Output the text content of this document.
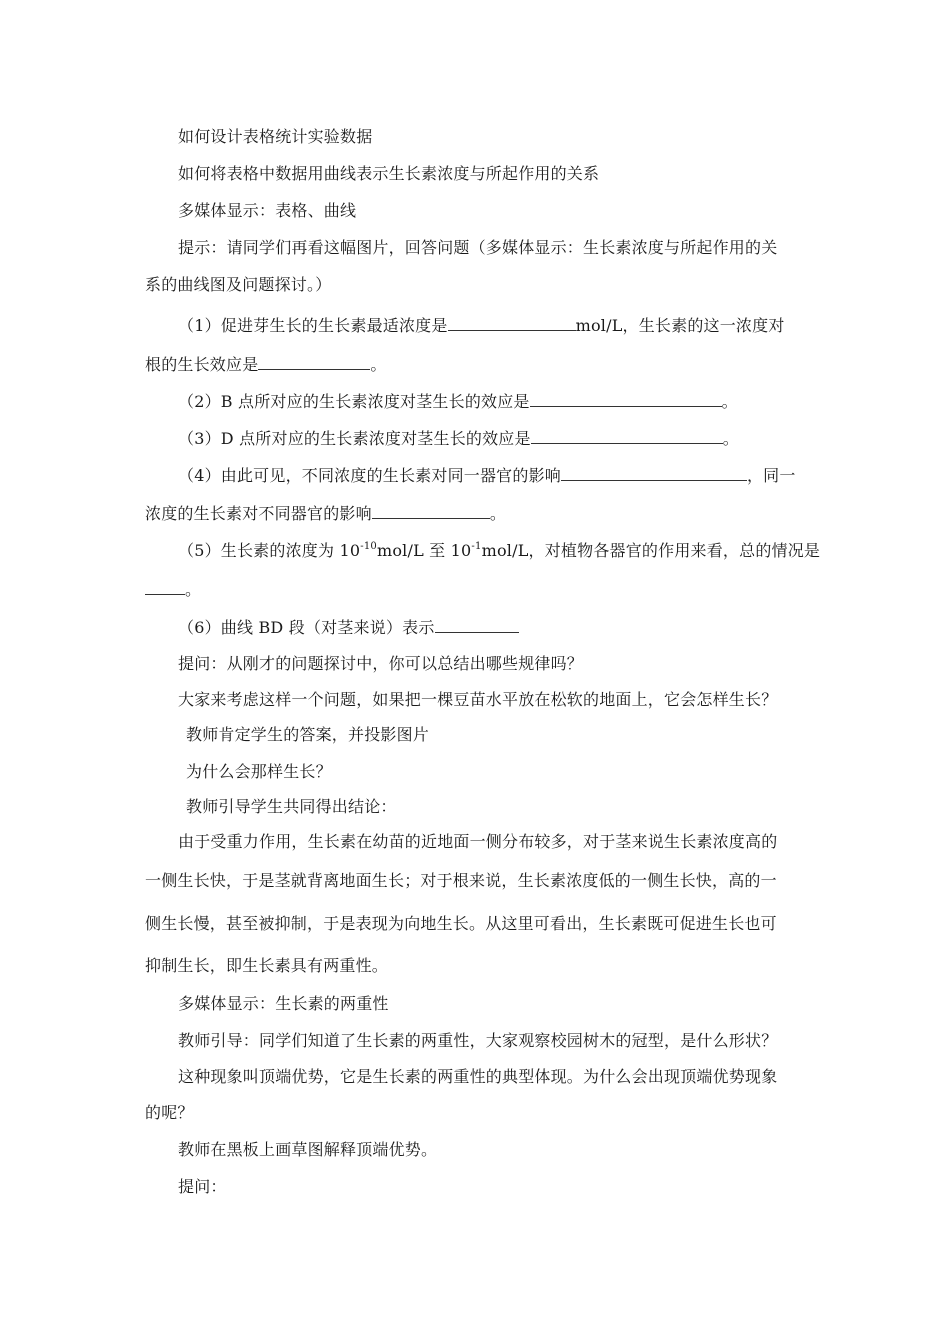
如何设计表格统计实验数据
如何将表格中数据用曲线表示生长素浓度与所起作用的关系
多媒体显示：表格、曲线
提示：请同学们再看这幅图片，回答问题（多媒体显示：生长素浓度与所起作用的关
系的曲线图及问题探讨。）
（1）促进芽生长的生长素最适浓度是	mol/L，生长素的这一浓度对
根的生长效应是	。
（2）B 点所对应的生长素浓度对茎生长的效应是	。
（3）D 点所对应的生长素浓度对茎生长的效应是	。
（4）由此可见，不同浓度的生长素对同一器官的影响	，同一
浓度的生长素对不同器官的影响	。
（5）生长素的浓度为 $10^{-10}mol/L$ 至 $10^{-1}mol/L$，对植物各器官的作用来看，总的情况是
。
（6）曲线 BD 段（对茎来说）表示
提问：从刚才的问题探讨中，你可以总结出哪些规律吗？
大家来考虑这样一个问题，如果把一棵豆苗水平放在松软的地面上，它会怎样生长？
教师肯定学生的答案，并投影图片
为什么会那样生长？
教师引导学生共同得出结论：
由于受重力作用，生长素在幼苗的近地面一侧分布较多，对于茎来说生长素浓度高的
一侧生长快，于是茎就背离地面生长；对于根来说，生长素浓度低的一侧生长快，高的一
侧生长慢，甚至被抑制，于是表现为向地生长。从这里可看出，生长素既可促进生长也可
抑制生长，即生长素具有两重性。
多媒体显示：生长素的两重性
教师引导：同学们知道了生长素的两重性，大家观察校园树木的冠型，是什么形状？
这种现象叫顶端优势，它是生长素的两重性的典型体现。为什么会出现顶端优势现象
的呢？
教师在黑板上画草图解释顶端优势。
提问：
